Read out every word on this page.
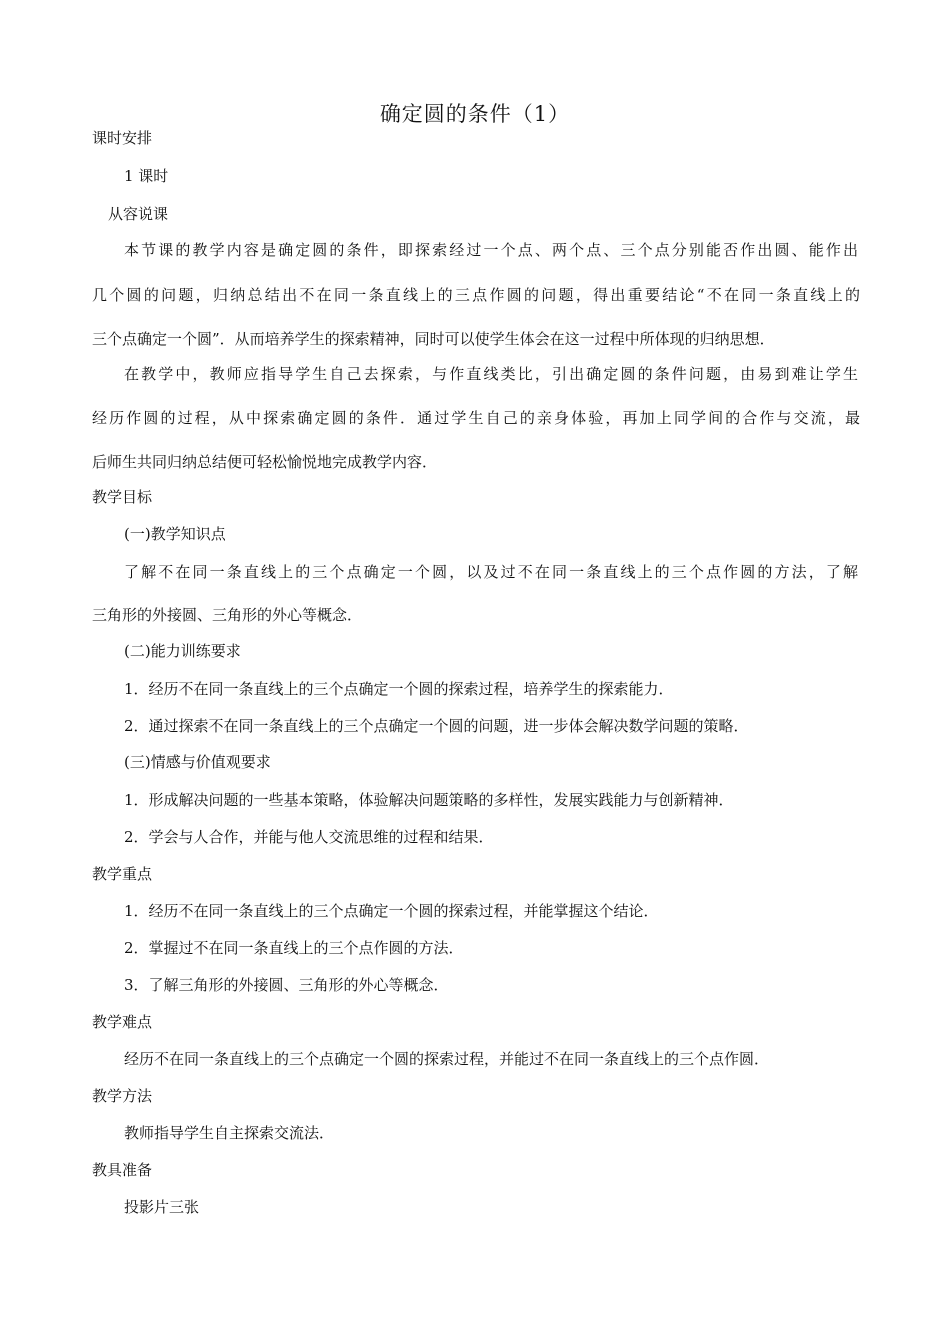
确定圆的条件（1）
课时安排
1 课时
从容说课
本节课的教学内容是确定圆的条件，即探索经过一个点、两个点、三个点分别能否作出圆、能作出
几个圆的问题，归纳总结出不在同一条直线上的三点作圆的问题，得出重要结论“不在同一条直线上的
三个点确定一个圆”．从而培养学生的探索精神，同时可以使学生体会在这一过程中所体现的归纳思想．
在教学中，教师应指导学生自己去探索，与作直线类比，引出确定圆的条件问题，由易到难让学生
经历作圆的过程，从中探索确定圆的条件．通过学生自己的亲身体验，再加上同学间的合作与交流，最
后师生共同归纳总结便可轻松愉悦地完成教学内容．
教学目标
(一)教学知识点
了解不在同一条直线上的三个点确定一个圆，以及过不在同一条直线上的三个点作圆的方法，了解
三角形的外接圆、三角形的外心等概念．
(二)能力训练要求
1．经历不在同一条直线上的三个点确定一个圆的探索过程，培养学生的探索能力．
2．通过探索不在同一条直线上的三个点确定一个圆的问题，进一步体会解决数学问题的策略．
(三)情感与价值观要求
1．形成解决问题的一些基本策略，体验解决问题策略的多样性，发展实践能力与创新精神．
2．学会与人合作，并能与他人交流思维的过程和结果．
教学重点
1．经历不在同一条直线上的三个点确定一个圆的探索过程，并能掌握这个结论．
2．掌握过不在同一条直线上的三个点作圆的方法．
3．了解三角形的外接圆、三角形的外心等概念．
教学难点
经历不在同一条直线上的三个点确定一个圆的探索过程，并能过不在同一条直线上的三个点作圆．
教学方法
教师指导学生自主探索交流法．
教具准备
投影片三张
